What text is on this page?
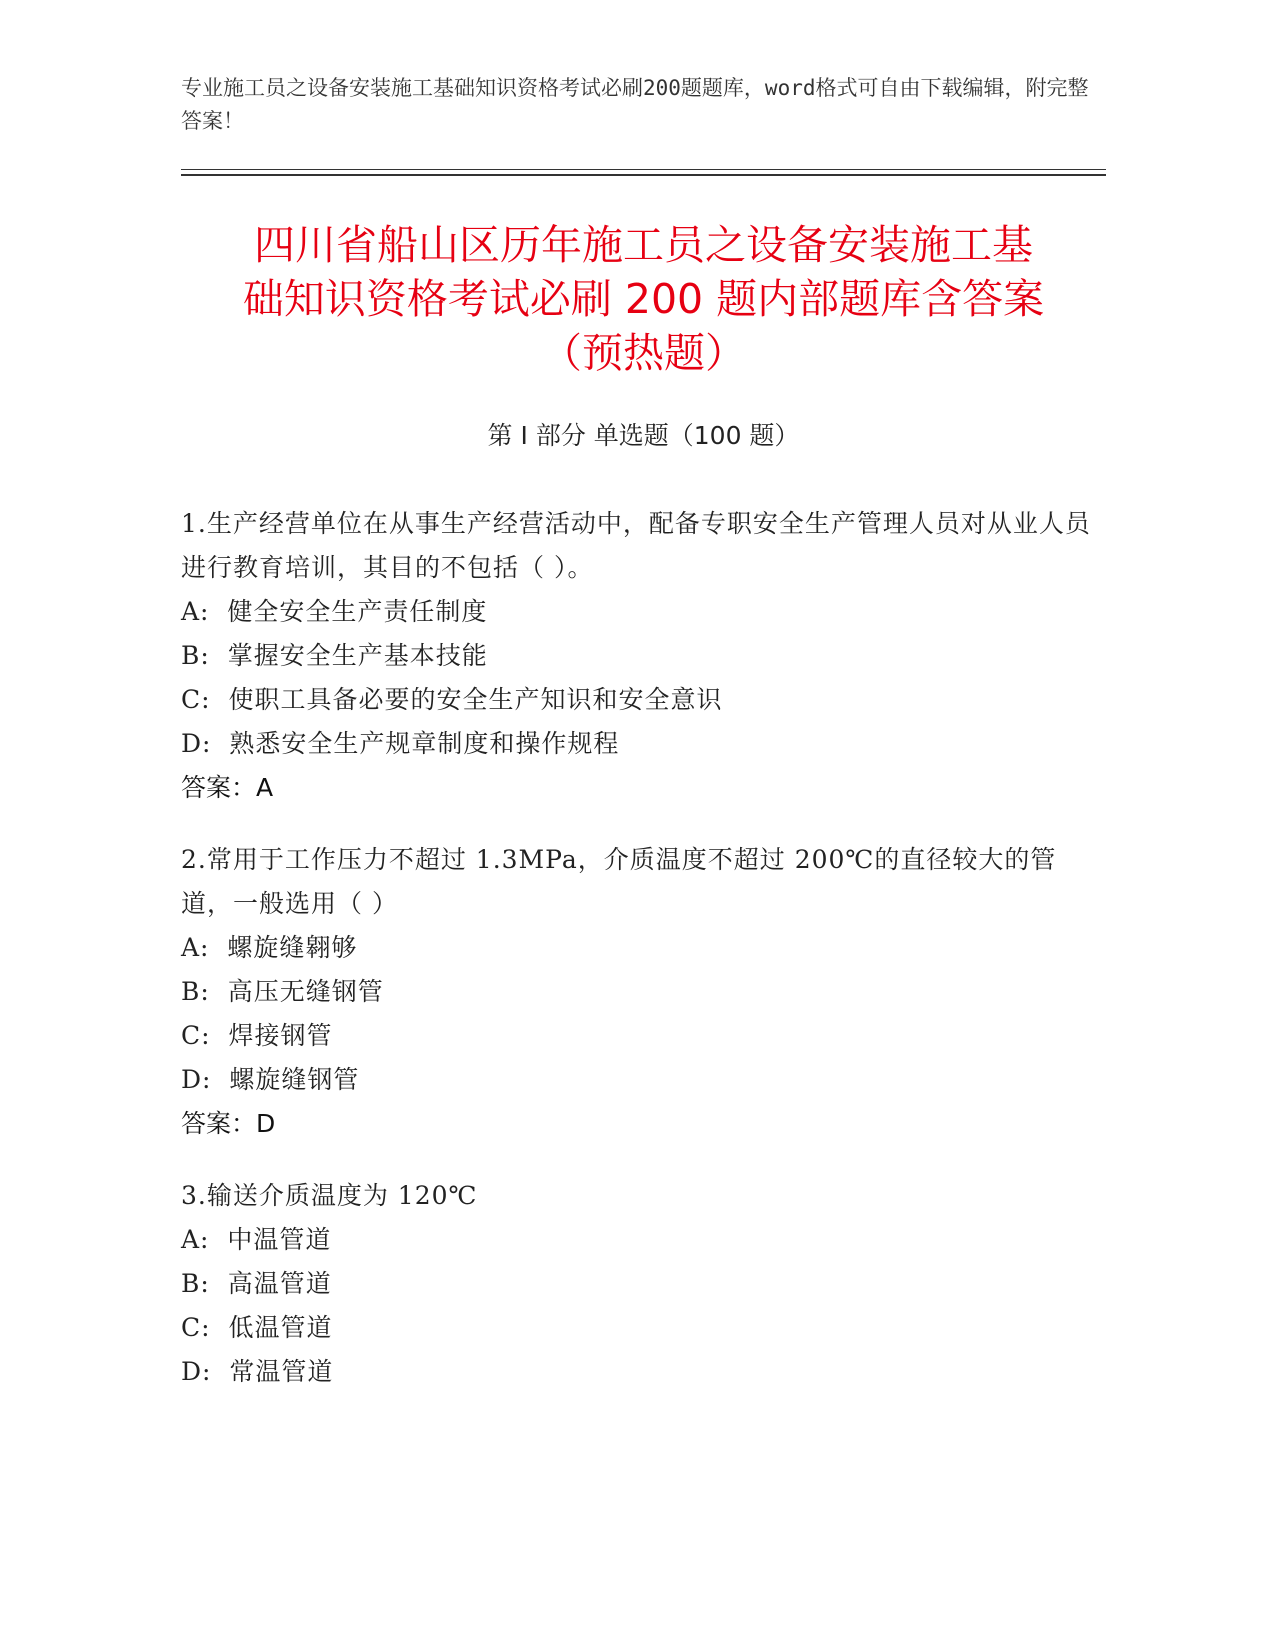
专业施工员之设备安装施工基础知识资格考试必刷200题题库，word格式可自由下载编辑，附完整答案！
四川省船山区历年施工员之设备安装施工基
础知识资格考试必刷 200 题内部题库含答案
（预热题）
第 I 部分 单选题（100 题）
1.生产经营单位在从事生产经营活动中，配备专职安全生产管理人员对从业人员进行教育培训，其目的不包括（ ）。
A:  健全安全生产责任制度
B:  掌握安全生产基本技能
C:  使职工具备必要的安全生产知识和安全意识
D:  熟悉安全生产规章制度和操作规程
答案：A
2.常用于工作压力不超过 1.3MPa，介质温度不超过 200℃的直径较大的管道，一般选用（ ）
A:  螺旋缝翱够
B:  高压无缝钢管
C:  焊接钢管
D:  螺旋缝钢管
答案：D
3.输送介质温度为 120℃
A:  中温管道
B:  高温管道
C:  低温管道
D:  常温管道
